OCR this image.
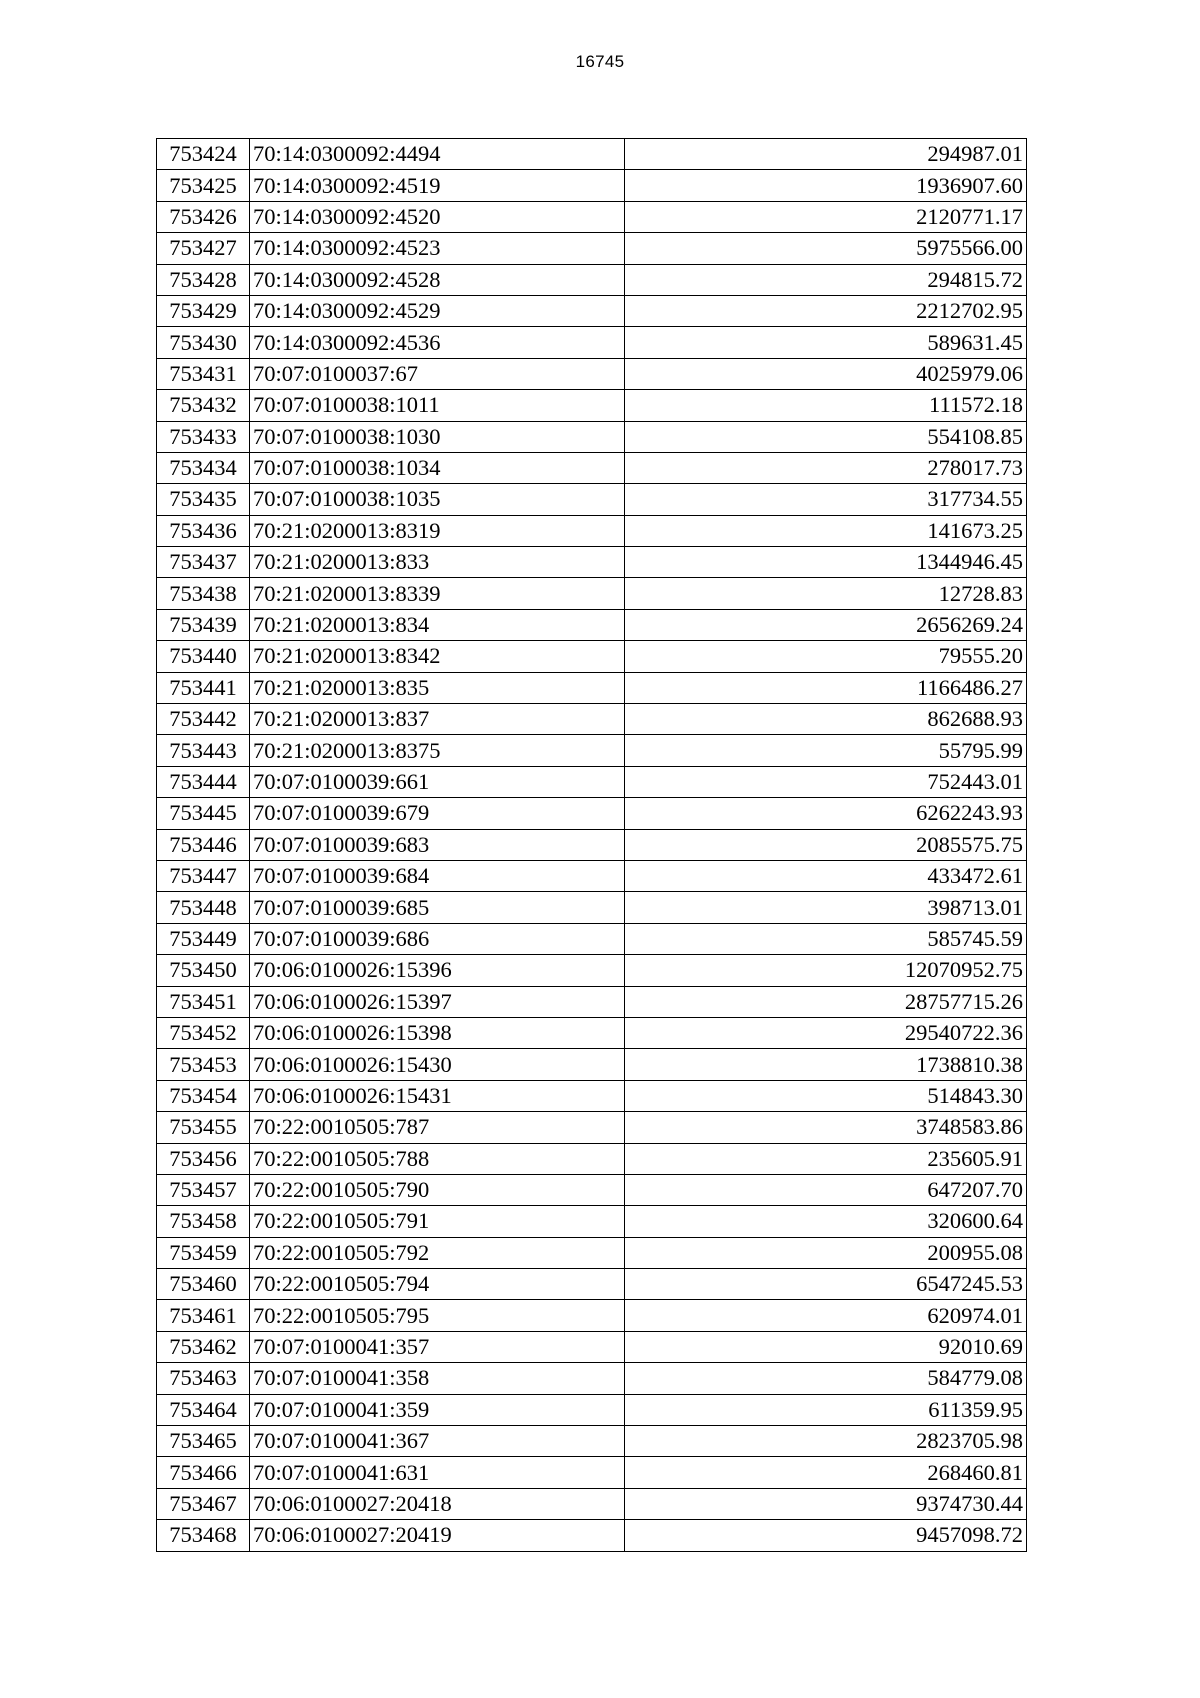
16745
753424	70:14:0300092:4494	294987.01
753425	70:14:0300092:4519	1936907.60
753426	70:14:0300092:4520	2120771.17
753427	70:14:0300092:4523	5975566.00
753428	70:14:0300092:4528	294815.72
753429	70:14:0300092:4529	2212702.95
753430	70:14:0300092:4536	589631.45
753431	70:07:0100037:67	4025979.06
753432	70:07:0100038:1011	111572.18
753433	70:07:0100038:1030	554108.85
753434	70:07:0100038:1034	278017.73
753435	70:07:0100038:1035	317734.55
753436	70:21:0200013:8319	141673.25
753437	70:21:0200013:833	1344946.45
753438	70:21:0200013:8339	12728.83
753439	70:21:0200013:834	2656269.24
753440	70:21:0200013:8342	79555.20
753441	70:21:0200013:835	1166486.27
753442	70:21:0200013:837	862688.93
753443	70:21:0200013:8375	55795.99
753444	70:07:0100039:661	752443.01
753445	70:07:0100039:679	6262243.93
753446	70:07:0100039:683	2085575.75
753447	70:07:0100039:684	433472.61
753448	70:07:0100039:685	398713.01
753449	70:07:0100039:686	585745.59
753450	70:06:0100026:15396	12070952.75
753451	70:06:0100026:15397	28757715.26
753452	70:06:0100026:15398	29540722.36
753453	70:06:0100026:15430	1738810.38
753454	70:06:0100026:15431	514843.30
753455	70:22:0010505:787	3748583.86
753456	70:22:0010505:788	235605.91
753457	70:22:0010505:790	647207.70
753458	70:22:0010505:791	320600.64
753459	70:22:0010505:792	200955.08
753460	70:22:0010505:794	6547245.53
753461	70:22:0010505:795	620974.01
753462	70:07:0100041:357	92010.69
753463	70:07:0100041:358	584779.08
753464	70:07:0100041:359	611359.95
753465	70:07:0100041:367	2823705.98
753466	70:07:0100041:631	268460.81
753467	70:06:0100027:20418	9374730.44
753468	70:06:0100027:20419	9457098.72
